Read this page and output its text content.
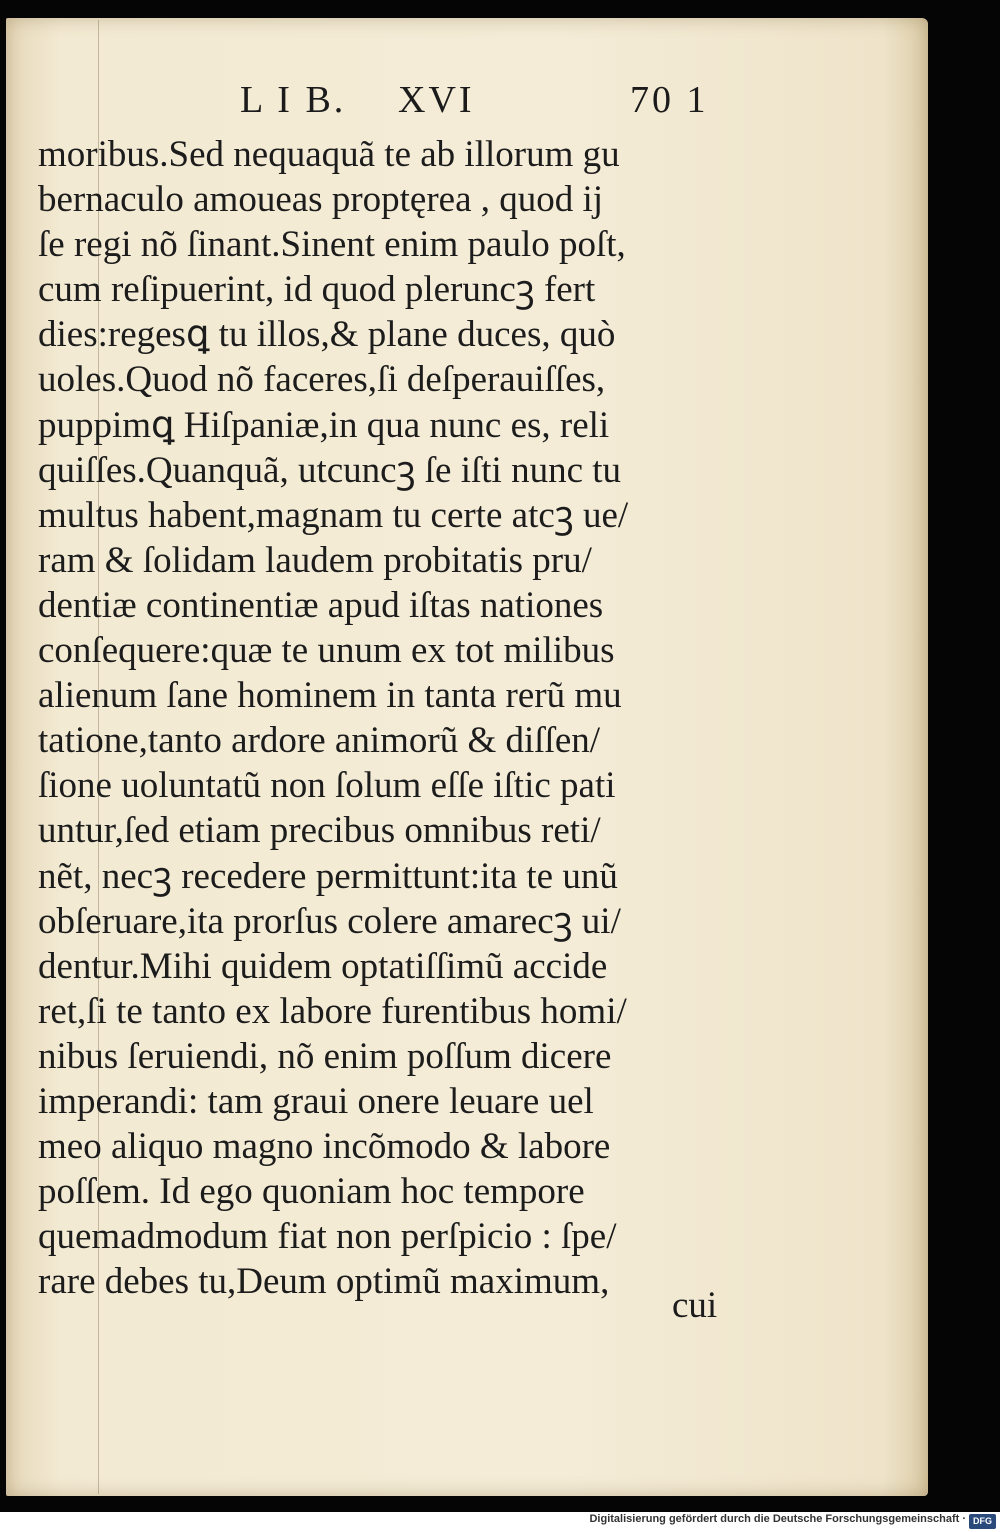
L I B. XVI	70 1
moribus.Sed nequaquã te ab illorum gu
bernaculo amoueas proptęrea , quod ij
ſe regi nõ ſinant.Sinent enim paulo poſt,
cum reſipuerint, id quod pleruncꝫ fert
dies:regesꝗ tu illos,& plane duces, quò
uoles.Quod nõ faceres,ſi deſperauiſſes,
puppimꝗ Hiſpaniæ,in qua nunc es, reli
quiſſes.Quanquã, utcuncꝫ ſe iſti nunc tu
multus habent,magnam tu certe atcꝫ ue/
ram & ſolidam laudem probitatis pru/
dentiæ continentiæ apud iſtas nationes
conſequere:quæ te unum ex tot milibus
alienum ſane hominem in tanta rerũ mu
tatione,tanto ardore animorũ & diſſen/
ſione uoluntatũ non ſolum eſſe iſtic pati
untur,ſed etiam precibus omnibus reti/
nẽt, necꝫ recedere permittunt:ita te unũ
obſeruare,ita prorſus colere amarecꝫ ui/
dentur.Mihi quidem optatiſſimũ accide
ret,ſi te tanto ex labore furentibus homi/
nibus ſeruiendi, nõ enim poſſum dicere
imperandi: tam graui onere leuare uel
meo aliquo magno incõmodo & labore
poſſem. Id ego quoniam hoc tempore
quemadmodum fiat non perſpicio : ſpe/
rare debes tu,Deum optimũ maximum,
cui
Digitalisierung gefördert durch die Deutsche Forschungsgemeinschaft · DFG
